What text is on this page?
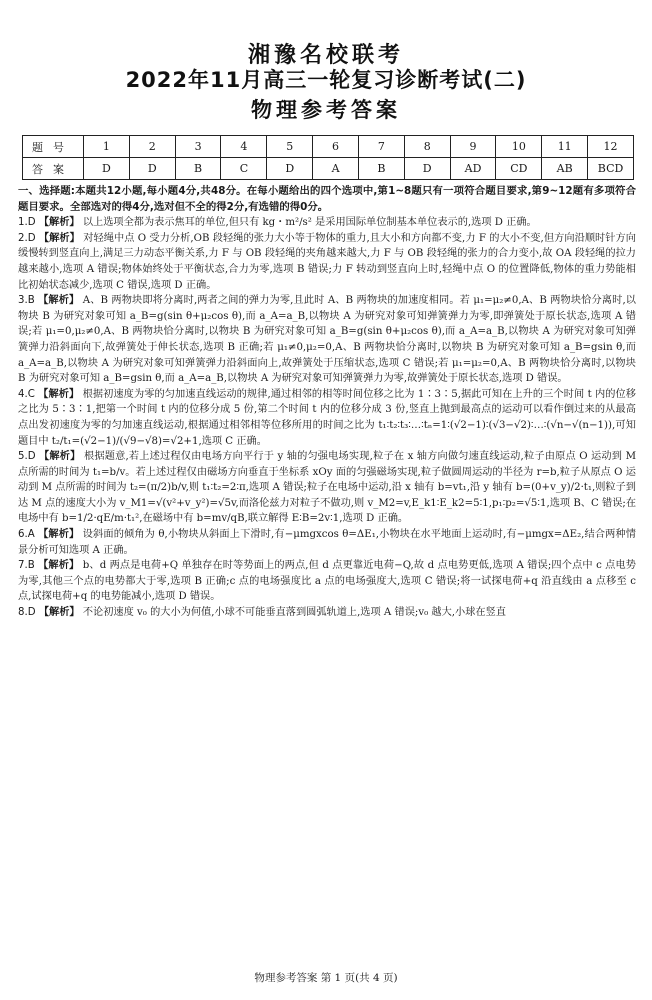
湘豫名校联考
2022年11月高三一轮复习诊断考试(二)
物理参考答案
题号	1	2	3	4	5	6	7	8	9	10	11	12
答案	D	D	B	C	D	A	B	D	AD	CD	AB	BCD

一、选择题:本题共12小题,每小题4分,共48分。在每小题给出的四个选项中,第1~8题只有一项符合题目要求,第9~12题有多项符合题目要求。全部选对的得4分,选对但不全的得2分,有选错的得0分。

1.D 【解析】 以上选项全都为表示焦耳的单位,但只有 kg・m²/s² 是采用国际单位制基本单位表示的,选项 D 正确。

2.D 【解析】 对轻绳中点 O 受力分析,OB 段轻绳的张力大小等于物体的重力,且大小和方向都不变,力 F 的大小不变,但方向沿顺时针方向缓慢转到竖直向上,满足三力动态平衡关系,力 F 与 OB 段轻绳的夹角越来越大,力 F 与 OB 段轻绳的张力的合力变小,故 OA 段轻绳的拉力越来越小,选项 A 错误;物体始终处于平衡状态,合力为零,选项 B 错误;力 F 转动到竖直向上时,轻绳中点 O 的位置降低,物体的重力势能相比初始状态减少,选项 C 错误,选项 D 正确。

3.B 【解析】 A、B 两物块即将分离时,两者之间的弹力为零,且此时 A、B 两物块的加速度相同。若 μ₁=μ₂≠0,A、B 两物块恰分离时,以物块 B 为研究对象可知 a_B=g(sin θ+μ₂cos θ),而 a_A=a_B,以物块 A 为研究对象可知弹簧弹力为零,即弹簧处于原长状态,选项 A 错误;若 μ₁=0,μ₂≠0,A、B 两物块恰分离时,以物块 B 为研究对象可知 a_B=g(sin θ+μ₂cos θ),而 a_A=a_B,以物块 A 为研究对象可知弹簧弹力沿斜面向下,故弹簧处于伸长状态,选项 B 正确;若 μ₁≠0,μ₂=0,A、B 两物块恰分离时,以物块 B 为研究对象可知 a_B=gsin θ,而 a_A=a_B,以物块 A 为研究对象可知弹簧弹力沿斜面向上,故弹簧处于压缩状态,选项 C 错误;若 μ₁=μ₂=0,A、B 两物块恰分离时,以物块 B 为研究对象可知 a_B=gsin θ,而 a_A=a_B,以物块 A 为研究对象可知弹簧弹力为零,故弹簧处于原长状态,选项 D 错误。

4.C 【解析】 根据初速度为零的匀加速直线运动的规律,通过相邻的相等时间位移之比为 1∶3∶5,据此可知在上升的三个时间 t 内的位移之比为 5∶3∶1,把第一个时间 t 内的位移分成 5 份,第二个时间 t 内的位移分成 3 份,竖直上抛到最高点的运动可以看作倒过来的从最高点出发初速度为零的匀加速直线运动,根据通过相邻相等位移所用的时间之比为 t₁∶t₂∶t₃∶…∶tₙ=1∶(√2−1)∶(√3−√2)∶…∶(√n−√(n−1)),可知题目中 t₂/t₁=(√2−1)/(√9−√8)=√2+1,选项 C 正确。

5.D 【解析】 根据题意,若上述过程仅由电场方向平行于 y 轴的匀强电场实现,粒子在 x 轴方向做匀速直线运动,粒子由原点 O 运动到 M 点所需的时间为 t₁=b/v。若上述过程仅由磁场方向垂直于坐标系 xOy 面的匀强磁场实现,粒子做圆周运动的半径为 r=b,粒子从原点 O 运动到 M 点所需的时间为 t₂=(π/2)b/v,则 t₁∶t₂=2∶π,选项 A 错误;粒子在电场中运动,沿 x 轴有 b=vt₁,沿 y 轴有 b=(0+v_y)/2·t₁,则粒子到达 M 点的速度大小为 v_M1=√(v²+v_y²)=√5v,而洛伦兹力对粒子不做功,则 v_M2=v,E_k1∶E_k2=5∶1,p₁∶p₂=√5∶1,选项 B、C 错误;在电场中有 b=1/2·qE/m·t₁²,在磁场中有 b=mv/qB,联立解得 E∶B=2v∶1,选项 D 正确。

6.A 【解析】 设斜面的倾角为 θ,小物块从斜面上下滑时,有−μmgxcos θ=ΔE₁,小物块在水平地面上运动时,有−μmgx=ΔE₂,结合两种情景分析可知选项 A 正确。

7.B 【解析】 b、d 两点是电荷+Q 单独存在时等势面上的两点,但 d 点更靠近电荷−Q,故 d 点电势更低,选项 A 错误;四个点中 c 点电势为零,其他三个点的电势都大于零,选项 B 正确;c 点的电场强度比 a 点的电场强度大,选项 C 错误;将一试探电荷+q 沿直线由 a 点移至 c 点,试探电荷+q 的电势能减小,选项 D 错误。

8.D 【解析】 不论初速度 v₀ 的大小为何值,小球不可能垂直落到圆弧轨道上,选项 A 错误;v₀ 越大,小球在竖直

物理参考答案 第 1 页(共 4 页)
